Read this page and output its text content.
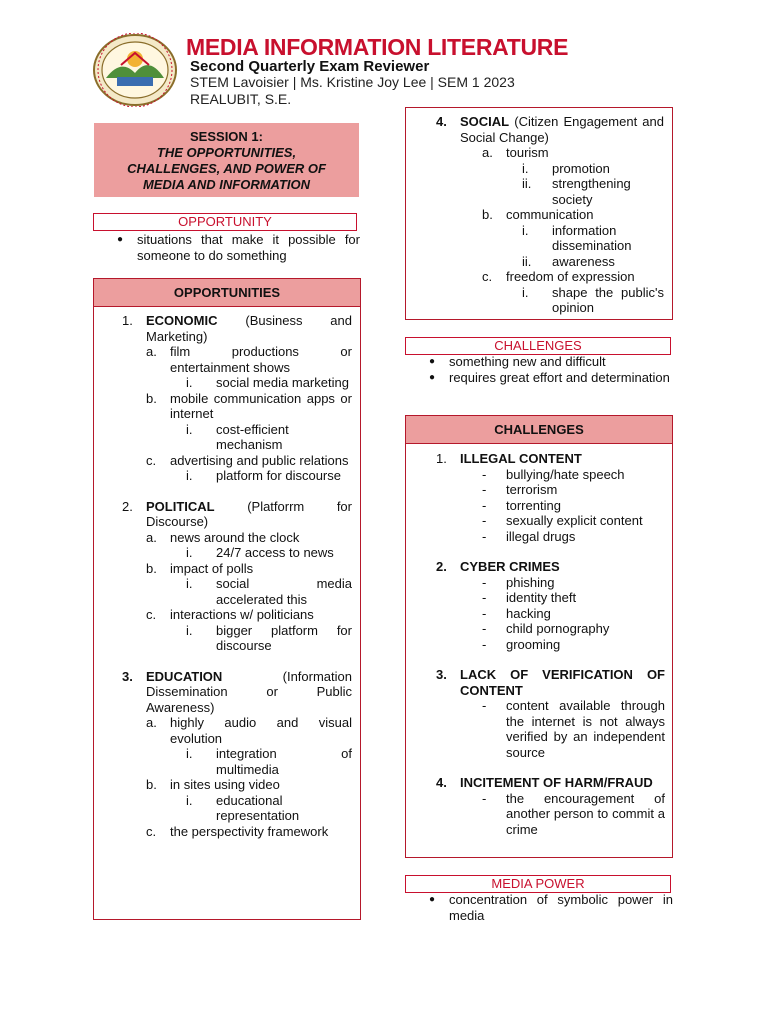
MEDIA INFORMATION LITERATURE
Second Quarterly Exam Reviewer
STEM Lavoisier | Ms. Kristine Joy Lee | SEM 1 2023
REALUBIT, S.E.
SESSION 1:
THE OPPORTUNITIES, CHALLENGES, AND POWER OF MEDIA AND INFORMATION
OPPORTUNITY
● situations that make it possible for someone to do something
OPPORTUNITIES
1. ECONOMIC (Business and Marketing)
a. film productions or entertainment shows
i. social media marketing
b. mobile communication apps or internet
i. cost-efficient mechanism
c. advertising and public relations
i. platform for discourse
2. POLITICAL	(Platforrm for Discourse)
a. news around the clock
i. 24/7 access to news
b. impact of polls
i. social media accelerated this
c. interactions w/ politicians
i. bigger platform for discourse
3. EDUCATION	(Information Dissemination or Public Awareness)
a. highly audio and visual evolution
i. integration of multimedia
b. in sites using video
i. educational representation
c. the perspectivity framework
4. SOCIAL (Citizen Engagement and Social Change)
a. tourism
i. promotion
ii. strengthening society
b. communication
i. information dissemination
ii. awareness
c. freedom of expression
i. shape the public's opinion
CHALLENGES
● something new and difficult
● requires great effort and determination
CHALLENGES
1. ILLEGAL CONTENT
- bullying/hate speech
- terrorism
- torrenting
- sexually explicit content
- illegal drugs
2. CYBER CRIMES
- phishing
- identity theft
- hacking
- child pornography
- grooming
3. LACK OF VERIFICATION OF CONTENT
- content available through the internet is not always verified by an independent source
4. INCITEMENT OF HARM/FRAUD
- the encouragement of another person to commit a crime
MEDIA POWER
● concentration of symbolic power in media
